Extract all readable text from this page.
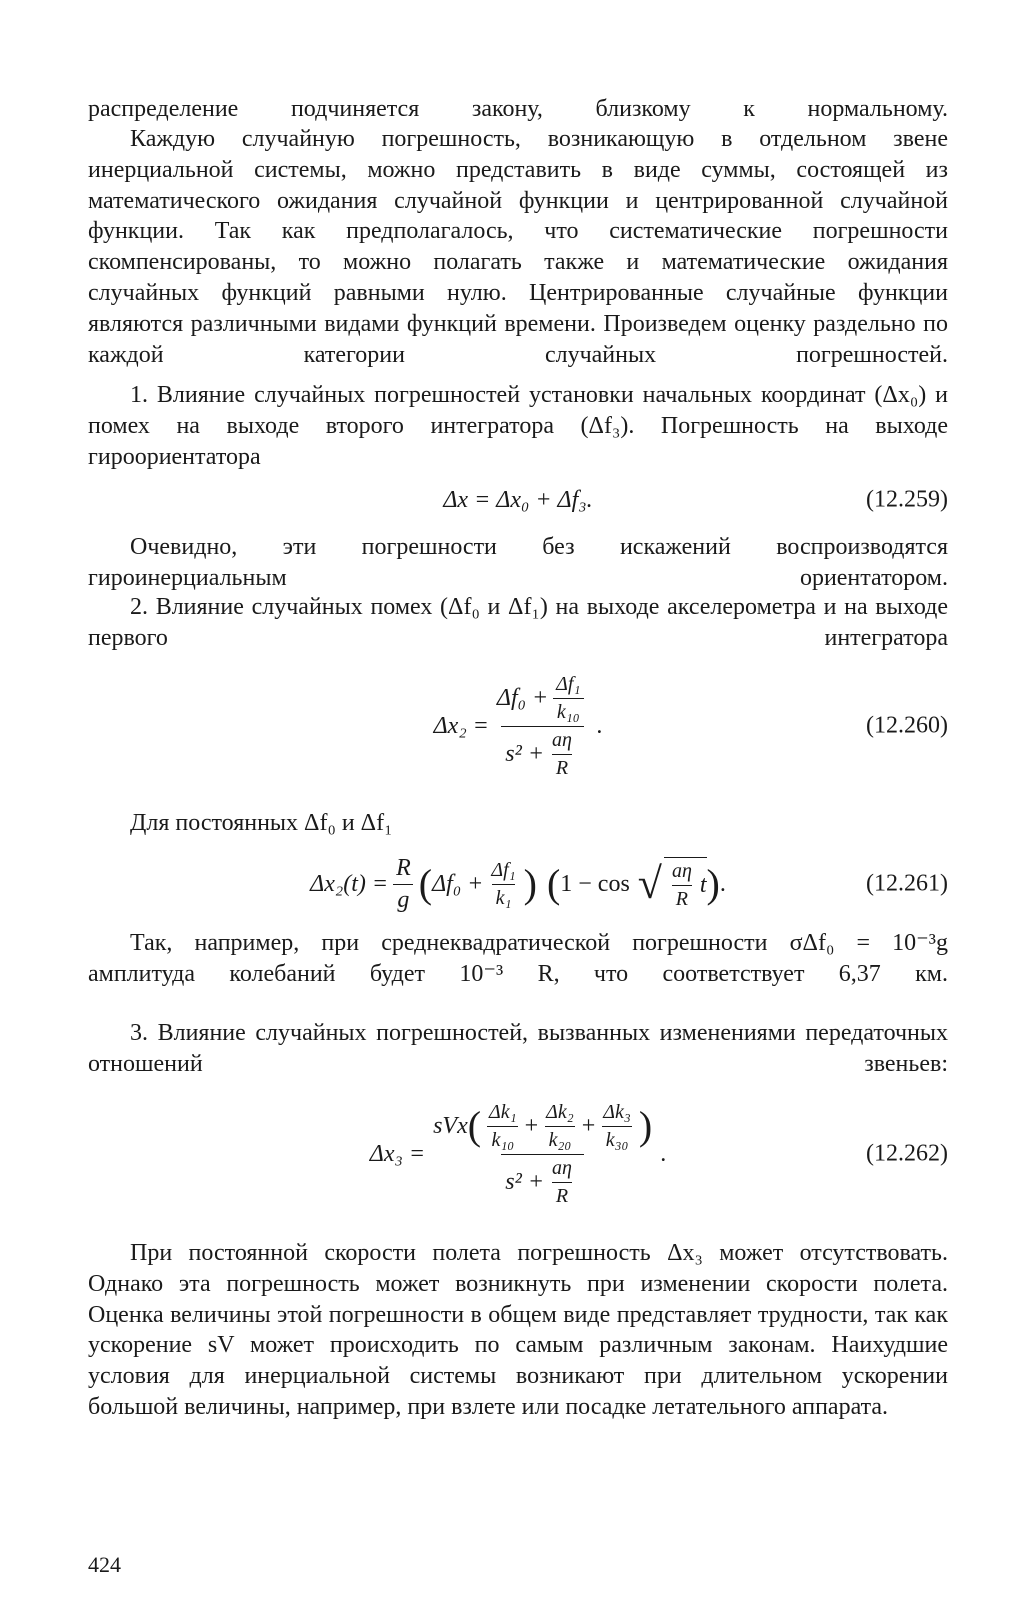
распределение подчиняется закону, близкому к нормальному.

Каждую случайную погрешность, возникающую в отдельном звене инерциальной системы, можно представить в виде суммы, состоящей из математического ожидания случайной функции и центрированной случайной функции. Так как предполагалось, что систематические погрешности скомпенсированы, то можно полагать также и математические ожидания случайных функций равными нулю. Центрированные случайные функции являются различными видами функций времени. Произведем оценку раздельно по каждой категории случайных погрешностей.

1. Влияние случайных погрешностей установки начальных координат (Δx₀) и помех на выходе второго интегратора (Δf₃). Погрешность на выходе гироориентатора

Δx = Δx₀ + Δf₃.	(12.259)

Очевидно, эти погрешности без искажений воспроизводятся гироинерциальным ориентатором.

2. Влияние случайных помех (Δf₀ и Δf₁) на выходе акселерометра и на выходе первого интегратора

$\Delta x_2 = \frac{\Delta f_0 + \frac{\text{Δf₁}}{\text{k₁₀}}}{s^2 + \frac{a\eta}{R}}$ .	(12.260)

Для постоянных Δf₀ и Δf₁

$\Delta x_2(t) = \frac{R}{g}$ ( $\Delta f_0 + \frac{\text{Δf₁}}{\text{k₁}}$ ) ( 1 − cos √ $\frac{a\eta}{R}$ t ) .	(12.261)

Так, например, при среднеквадратической погрешности σΔf₀ = 10⁻³g амплитуда колебаний будет 10⁻³ R, что соответствует 6,37 км.

3. Влияние случайных погрешностей, вызванных изменениями передаточных отношений звеньев:

Δx₃ =
sVx ( $\frac{\text{Δk₁}}{\text{k₁₀}} + \frac{\text{Δk₂}}{\text{k₂₀}} + \frac{\text{Δk₃}}{\text{k₃₀}}$ )
$s^2 + \frac{a\eta}{R}$
.	(12.262)

При постоянной скорости полета погрешность Δx₃ может отсутствовать. Однако эта погрешность может возникнуть при изменении скорости полета. Оценка величины этой погрешности в общем виде представляет трудности, так как ускорение sV может происходить по самым различным законам. Наихудшие условия для инерциальной системы возникают при длительном ускорении большой величины, например, при взлете или посадке летательного аппарата.

424
